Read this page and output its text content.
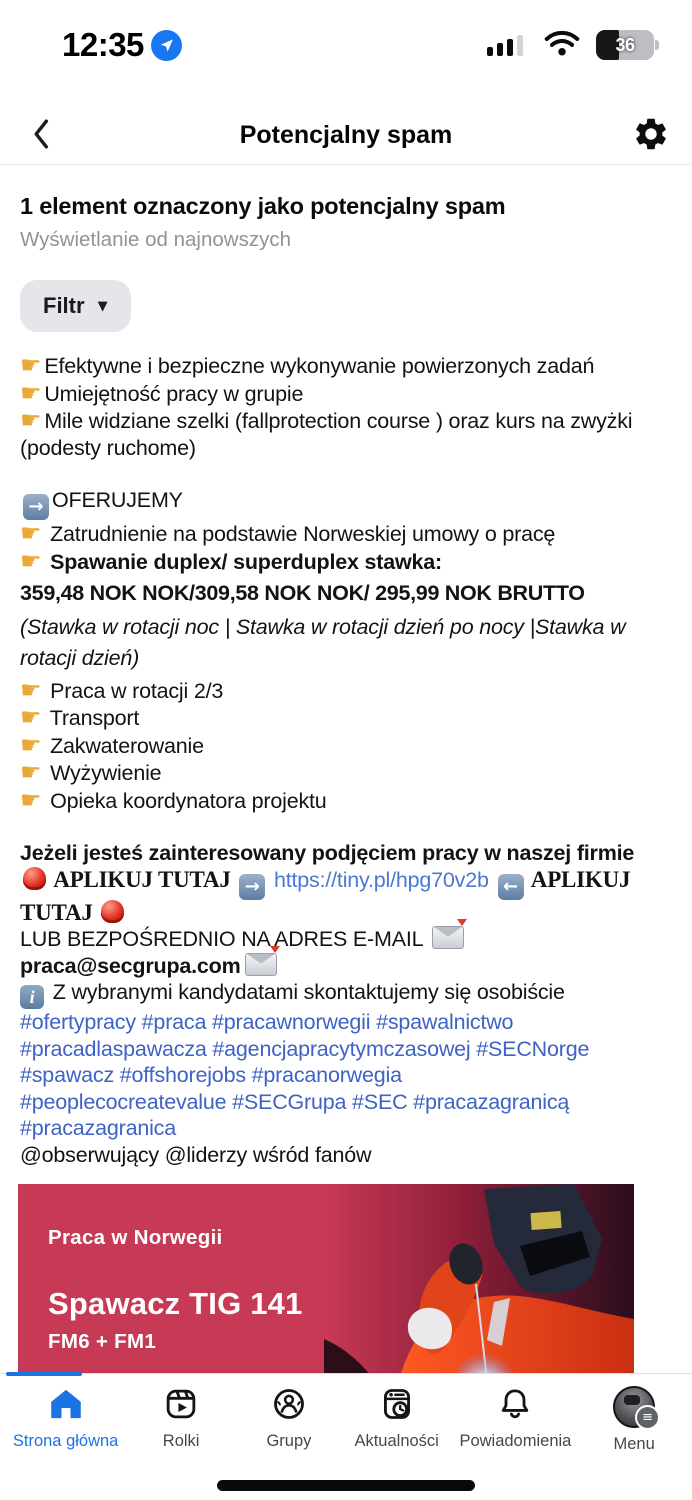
12:35	36
Potencjalny spam
1 element oznaczony jako potencjalny spam
Wyświetlanie od najnowszych
Filtr ▼
☛Efektywne i bezpieczne wykonywanie powierzonych zadań
☛Umiejętność pracy w grupie
☛Mile widziane szelki (fallprotection course ) oraz kurs na zwyżki (podesty ruchome)
→OFERUJEMY
☛ Zatrudnienie na podstawie Norweskiej umowy o pracę
☛ Spawanie duplex/ superduplex stawka:
359,48 NOK NOK/309,58 NOK NOK/ 295,99 NOK BRUTTO
(Stawka w rotacji noc | Stawka w rotacji dzień po nocy |Stawka w rotacji dzień)
☛ Praca w rotacji 2/3
☛ Transport
☛ Zakwaterowanie
☛ Wyżywienie
☛ Opieka koordynatora projektu
Jeżeli jesteś zainteresowany podjęciem pracy w naszej firmie
APLIKUJ TUTAJ → https://tiny.pl/hpg70v2b ← APLIKUJ TUTAJ
LUB BEZPOŚREDNIO NA ADRES E-MAIL
praca@secgrupa.com
i Z wybranymi kandydatami skontaktujemy się osobiście
#ofertypracy #praca #pracawnorwegii #spawalnictwo
#pracadlaspawacza #agencjapracytymczasowej #SECNorge
#spawacz #offshorejobs #pracanorwegia
#peoplecocreatevalue #SECGrupa #SEC #pracazagranicą
#pracazagranica
@obserwujący @liderzy wśród fanów
Praca w Norwegii
Spawacz TIG 141
FM6 + FM1
Strona główna	Rolki	Grupy	Aktualności Powiadomienia
≡	Menu
